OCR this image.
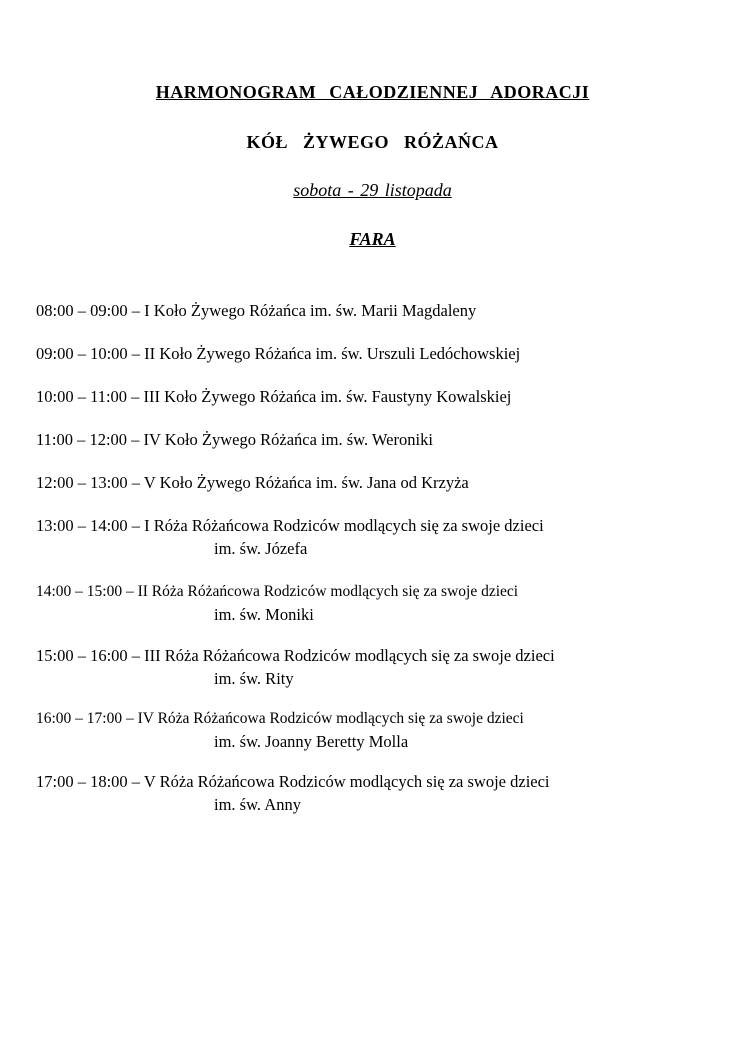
HARMONOGRAM CAŁODZIENNEJ ADORACJI
KÓŁ ŻYWEGO RÓŻAŃCA
sobota - 29 listopada
FARA
08:00 – 09:00 – I Koło Żywego Różańca im. św. Marii Magdaleny
09:00 – 10:00 – II Koło Żywego Różańca im. św. Urszuli Ledóchowskiej
10:00 – 11:00 – III Koło Żywego Różańca im. św. Faustyny Kowalskiej
11:00 – 12:00 – IV Koło Żywego Różańca im. św. Weroniki
12:00 – 13:00 – V Koło Żywego Różańca im. św. Jana od Krzyża
13:00 – 14:00 – I Róża Różańcowa Rodziców modlących się za swoje dzieci
im. św. Józefa
14:00 – 15:00 – II Róża Różańcowa Rodziców modlących się za swoje dzieci
im. św. Moniki
15:00 – 16:00 – III Róża Różańcowa Rodziców modlących się za swoje dzieci
im. św. Rity
16:00 – 17:00 – IV Róża Różańcowa Rodziców modlących się za swoje dzieci
im. św. Joanny Beretty Molla
17:00 – 18:00 – V Róża Różańcowa Rodziców modlących się za swoje dzieci
im. św. Anny
